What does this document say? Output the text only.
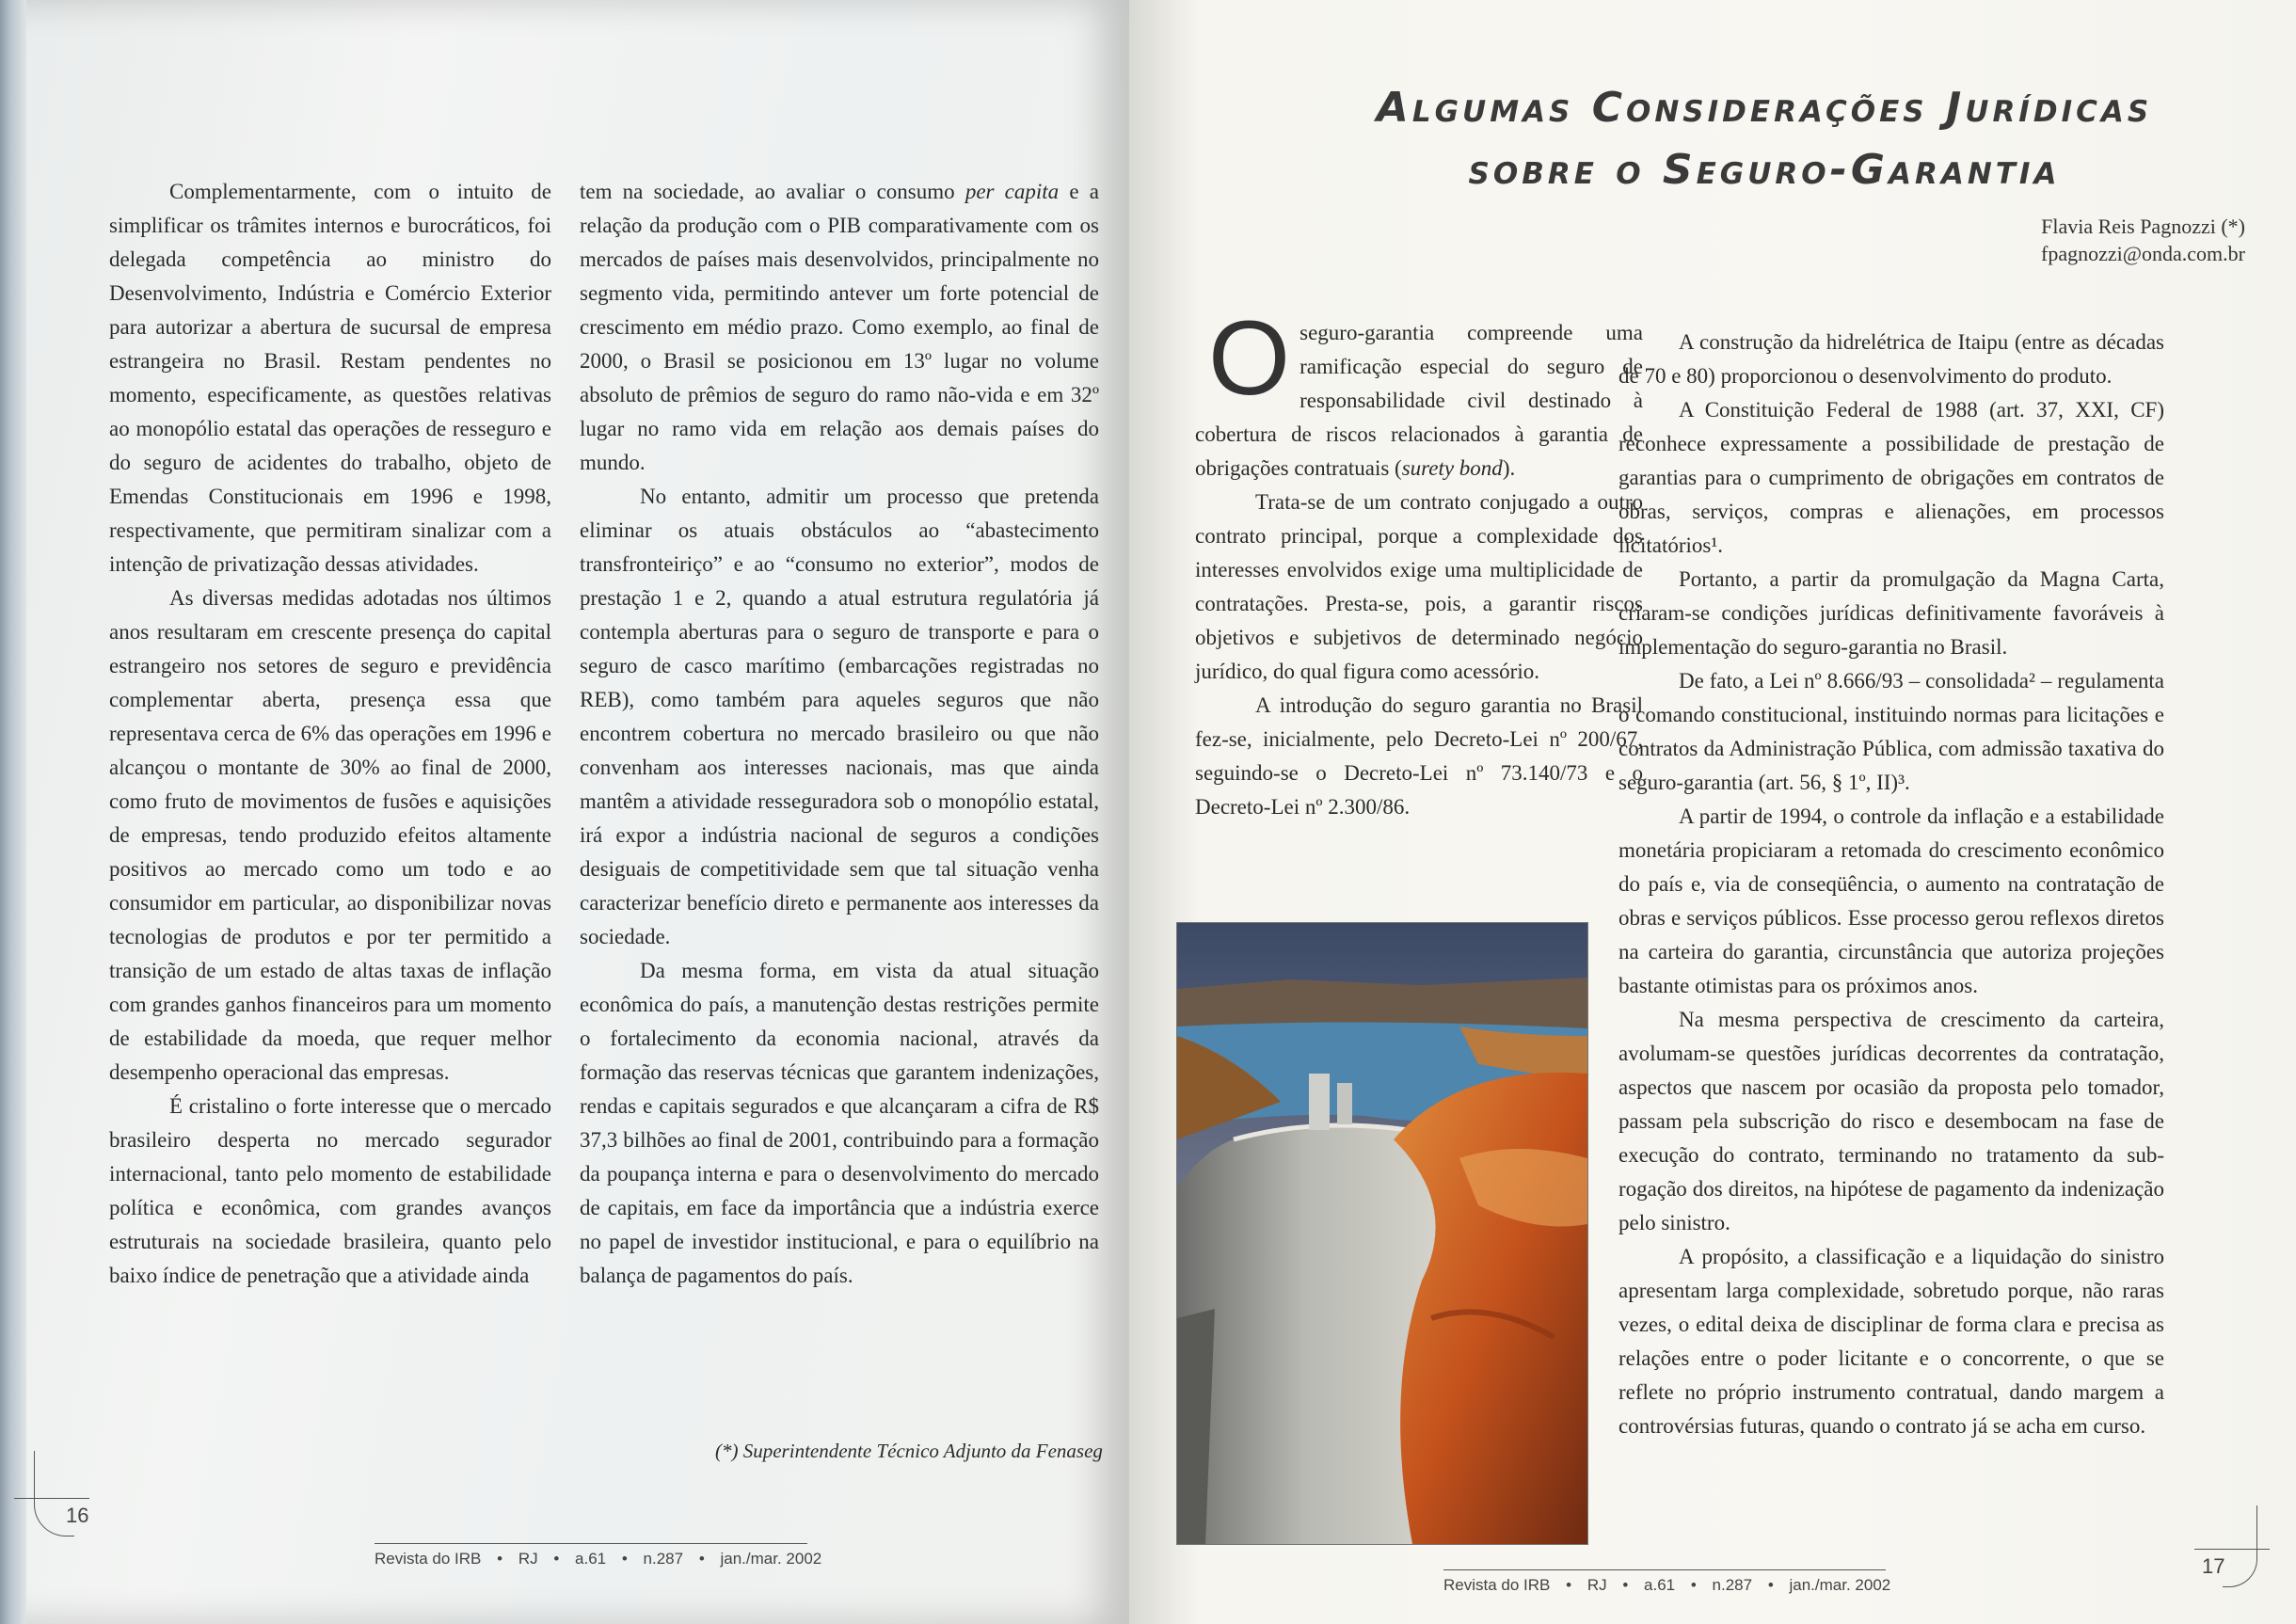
Complementarmente, com o intuito de simplificar os trâmites internos e burocráticos, foi delegada competência ao ministro do Desenvolvimento, Indústria e Comércio Exterior para autorizar a abertura de sucursal de empresa estrangeira no Brasil. Restam pendentes no momento, especificamente, as questões relativas ao monopólio estatal das operações de resseguro e do seguro de acidentes do trabalho, objeto de Emendas Constitucionais em 1996 e 1998, respectivamente, que permitiram sinalizar com a intenção de privatização dessas atividades.

As diversas medidas adotadas nos últimos anos resultaram em crescente presença do capital estrangeiro nos setores de seguro e previdência complementar aberta, presença essa que representava cerca de 6% das operações em 1996 e alcançou o montante de 30% ao final de 2000, como fruto de movimentos de fusões e aquisições de empresas, tendo produzido efeitos altamente positivos ao mercado como um todo e ao consumidor em particular, ao disponibilizar novas tecnologias de produtos e por ter permitido a transição de um estado de altas taxas de inflação com grandes ganhos financeiros para um momento de estabilidade da moeda, que requer melhor desempenho operacional das empresas.

É cristalino o forte interesse que o mercado brasileiro desperta no mercado segurador internacional, tanto pelo momento de estabilidade política e econômica, com grandes avanços estruturais na sociedade brasileira, quanto pelo baixo índice de penetração que a atividade ainda

tem na sociedade, ao avaliar o consumo per capita e a relação da produção com o PIB comparativamente com os mercados de países mais desenvolvidos, principalmente no segmento vida, permitindo antever um forte potencial de crescimento em médio prazo. Como exemplo, ao final de 2000, o Brasil se posicionou em 13º lugar no volume absoluto de prêmios de seguro do ramo não-vida e em 32º lugar no ramo vida em relação aos demais países do mundo.

No entanto, admitir um processo que pretenda eliminar os atuais obstáculos ao “abastecimento transfronteiriço” e ao “consumo no exterior”, modos de prestação 1 e 2, quando a atual estrutura regulatória já contempla aberturas para o seguro de transporte e para o seguro de casco marítimo (embarcações registradas no REB), como também para aqueles seguros que não encontrem cobertura no mercado brasileiro ou que não convenham aos interesses nacionais, mas que ainda mantêm a atividade resseguradora sob o monopólio estatal, irá expor a indústria nacional de seguros a condições desiguais de competitividade sem que tal situação venha caracterizar benefício direto e permanente aos interesses da sociedade.

Da mesma forma, em vista da atual situação econômica do país, a manutenção destas restrições permite o fortalecimento da economia nacional, através da formação das reservas técnicas que garantem indenizações, rendas e capitais segurados e que alcançaram a cifra de R$ 37,3 bilhões ao final de 2001, contribuindo para a formação da poupança interna e para o desenvolvimento do mercado de capitais, em face da importância que a indústria exerce no papel de investidor institucional, e para o equilíbrio na balança de pagamentos do país.

(*) Superintendente Técnico Adjunto da Fenaseg
16
Revista do IRB • RJ • a.61 • n.287 • jan./mar. 2002
Algumas Considerações Jurídicas
sobre o Seguro-Garantia
Flavia Reis Pagnozzi (*)
fpagnozzi@onda.com.br

Oseguro-garantia compreende uma ramificação especial do seguro de responsabilidade civil destinado à cobertura de riscos relacionados à garantia de obrigações contratuais (surety bond).

Trata-se de um contrato conjugado a outro contrato principal, porque a complexidade dos interesses envolvidos exige uma multiplicidade de contratações. Presta-se, pois, a garantir riscos objetivos e subjetivos de determinado negócio jurídico, do qual figura como acessório.

A introdução do seguro garantia no Brasil fez-se, inicialmente, pelo Decreto-Lei nº 200/67, seguindo-se o Decreto-Lei nº 73.140/73 e o Decreto-Lei nº 2.300/86.

A construção da hidrelétrica de Itaipu (entre as décadas de 70 e 80) proporcionou o desenvolvimento do produto.

A Constituição Federal de 1988 (art. 37, XXI, CF) reconhece expressamente a possibilidade de prestação de garantias para o cumprimento de obrigações em contratos de obras, serviços, compras e alienações, em processos licitatórios¹.

Portanto, a partir da promulgação da Magna Carta, criaram-se condições jurídicas definitivamente favoráveis à implementação do seguro-garantia no Brasil.

De fato, a Lei nº 8.666/93 – consolidada² – regulamenta o comando constitucional, instituindo normas para licitações e contratos da Administração Pública, com admissão taxativa do seguro-garantia (art. 56, § 1º, II)³.

A partir de 1994, o controle da inflação e a estabilidade monetária propiciaram a retomada do crescimento econômico do país e, via de conseqüência, o aumento na contratação de obras e serviços públicos. Esse processo gerou reflexos diretos na carteira do garantia, circunstância que autoriza projeções bastante otimistas para os próximos anos.

Na mesma perspectiva de crescimento da carteira, avolumam-se questões jurídicas decorrentes da contratação, aspectos que nascem por ocasião da proposta pelo tomador, passam pela subscrição do risco e desembocam na fase de execução do contrato, terminando no tratamento da sub-rogação dos direitos, na hipótese de pagamento da indenização pelo sinistro.

A propósito, a classificação e a liquidação do sinistro apresentam larga complexidade, sobretudo porque, não raras vezes, o edital deixa de disciplinar de forma clara e precisa as relações entre o poder licitante e o concorrente, o que se reflete no próprio instrumento contratual, dando margem a controvérsias futuras, quando o contrato já se acha em curso.

Revista do IRB • RJ • a.61 • n.287 • jan./mar. 2002
17
